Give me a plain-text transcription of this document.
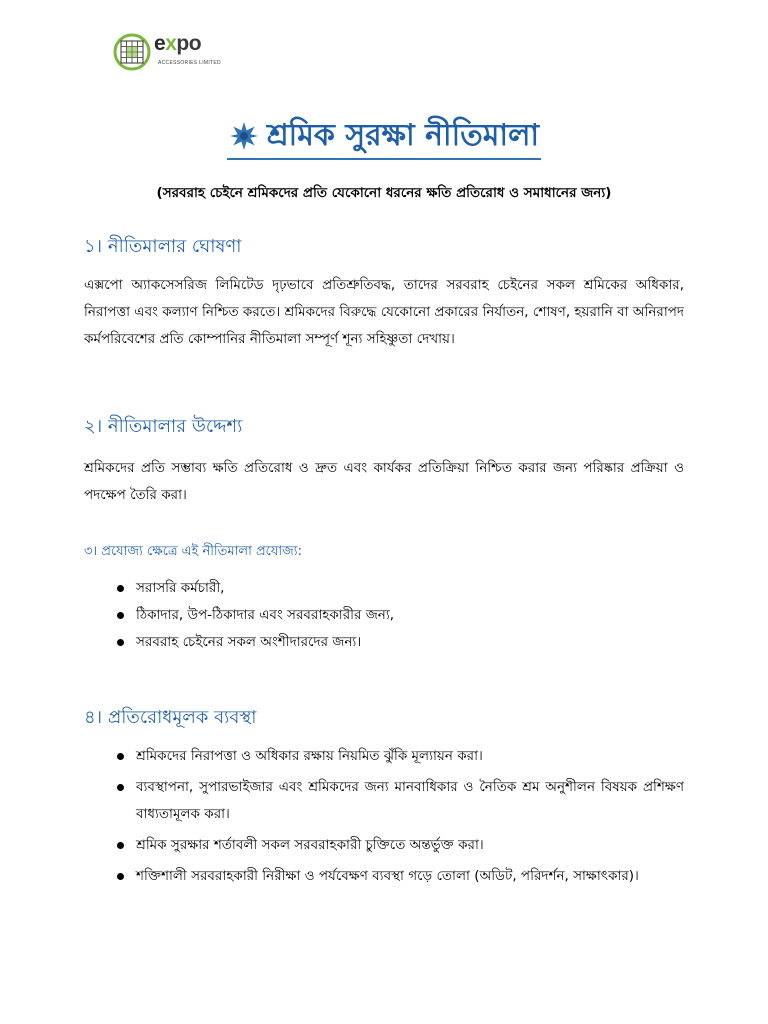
expo
ACCESSORIES LIMITED
শ্রমিক সুরক্ষা নীতিমালা
(সরবরাহ চেইনে শ্রমিকদের প্রতি যেকোনো ধরনের ক্ষতি প্রতিরোধ ও সমাধানের জন্য)
১। নীতিমালার ঘোষণা
এক্সপো অ্যাকসেসরিজ লিমিটেড দৃঢ়ভাবে প্রতিশ্রুতিবদ্ধ, তাদের সরবরাহ চেইনের সকল শ্রমিকের অধিকার, নিরাপত্তা এবং কল্যাণ নিশ্চিত করতে। শ্রমিকদের বিরুদ্ধে যেকোনো প্রকারের নির্যাতন, শোষণ, হয়রানি বা অনিরাপদ কর্মপরিবেশের প্রতি কোম্পানির নীতিমালা সম্পূর্ণ শূন্য সহিষ্ণুতা দেখায়।
২। নীতিমালার উদ্দেশ্য
শ্রমিকদের প্রতি সম্ভাব্য ক্ষতি প্রতিরোধ ও দ্রুত এবং কার্যকর প্রতিক্রিয়া নিশ্চিত করার জন্য পরিষ্কার প্রক্রিয়া ও পদক্ষেপ তৈরি করা।
৩। প্রযোজ্য ক্ষেত্রে এই নীতিমালা প্রযোজ্য:
সরাসরি কর্মচারী,
ঠিকাদার, উপ-ঠিকাদার এবং সরবরাহকারীর জন্য,
সরবরাহ চেইনের সকল অংশীদারদের জন্য।
৪। প্রতিরোধমূলক ব্যবস্থা
শ্রমিকদের নিরাপত্তা ও অধিকার রক্ষায় নিয়মিত ঝুঁকি মূল্যায়ন করা।
ব্যবস্থাপনা, সুপারভাইজার এবং শ্রমিকদের জন্য মানবাধিকার ও নৈতিক শ্রম অনুশীলন বিষয়ক প্রশিক্ষণ বাধ্যতামূলক করা।
শ্রমিক সুরক্ষার শর্তাবলী সকল সরবরাহকারী চুক্তিতে অন্তর্ভুক্ত করা।
শক্তিশালী সরবরাহকারী নিরীক্ষা ও পর্যবেক্ষণ ব্যবস্থা গড়ে তোলা (অডিট, পরিদর্শন, সাক্ষাৎকার)।
